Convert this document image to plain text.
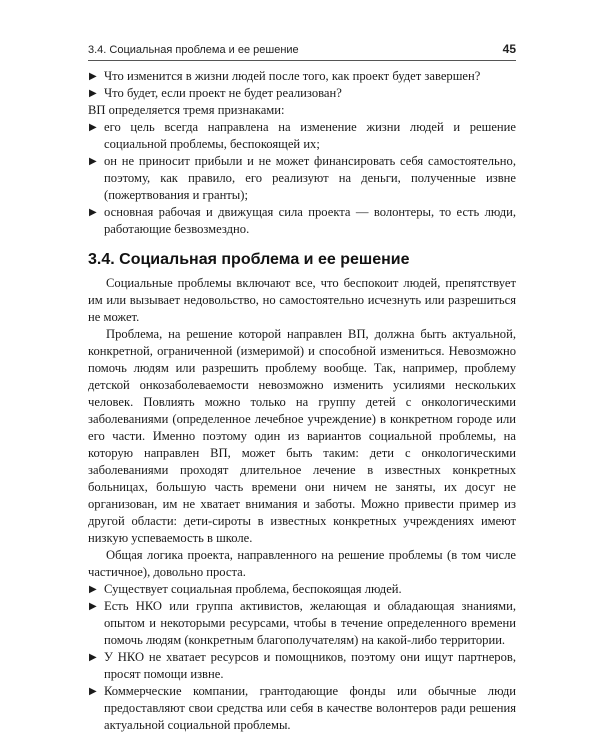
3.4. Социальная проблема и ее решение	45
▶ Что изменится в жизни людей после того, как проект будет завершен?
▶ Что будет, если проект не будет реализован?

ВП определяется тремя признаками:

▶ его цель всегда направлена на изменение жизни людей и решение социальной проблемы, беспокоящей их;
▶ он не приносит прибыли и не может финансировать себя самостоятельно, поэтому, как правило, его реализуют на деньги, полученные извне (пожертвования и гранты);
▶ основная рабочая и движущая сила проекта — волонтеры, то есть люди, работающие безвозмездно.
3.4. Социальная проблема и ее решение

Социальные проблемы включают все, что беспокоит людей, препятствует им или вызывает недовольство, но самостоятельно исчезнуть или разрешиться не может.

Проблема, на решение которой направлен ВП, должна быть актуальной, конкретной, ограниченной (измеримой) и способной измениться. Невозможно помочь людям или разрешить проблему вообще. Так, например, проблему детской онкозаболеваемости невозможно изменить усилиями нескольких человек. Повлиять можно только на группу детей с онкологическими заболеваниями (определенное лечебное учреждение) в конкретном городе или его части. Именно поэтому один из вариантов социальной проблемы, на которую направлен ВП, может быть таким: дети с онкологическими заболеваниями проходят длительное лечение в известных конкретных больницах, большую часть времени они ничем не заняты, их досуг не организован, им не хватает внимания и заботы. Можно привести пример из другой области: дети-сироты в известных конкретных учреждениях имеют низкую успеваемость в школе.

Общая логика проекта, направленного на решение проблемы (в том числе частичное), довольно проста.

▶ Существует социальная проблема, беспокоящая людей.
▶ Есть НКО или группа активистов, желающая и обладающая знаниями, опытом и некоторыми ресурсами, чтобы в течение определенного времени помочь людям (конкретным благополучателям) на какой-либо территории.
▶ У НКО не хватает ресурсов и помощников, поэтому они ищут партнеров, просят помощи извне.
▶ Коммерческие компании, грантодающие фонды или обычные люди предоставляют свои средства или себя в качестве волонтеров ради решения актуальной социальной проблемы.
